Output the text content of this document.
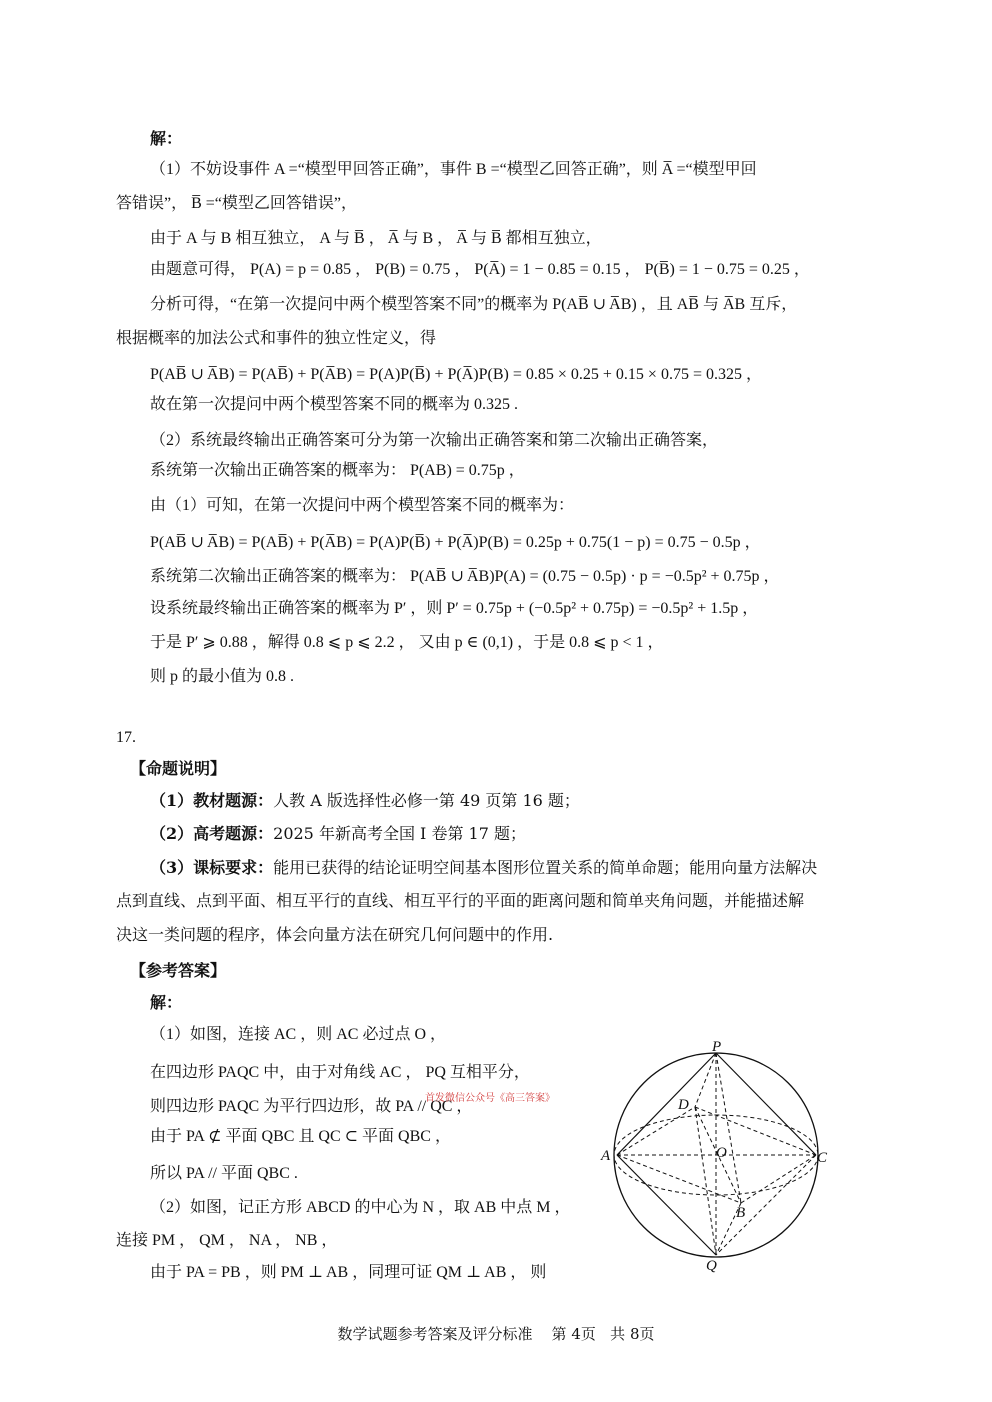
解：
（1）不妨设事件 A =“模型甲回答正确”，事件 B =“模型乙回答正确”，则 A̅ =“模型甲回
答错误”， B̅ =“模型乙回答错误”，
由于 A 与 B 相互独立， A 与 B̅ ， A̅ 与 B ， A̅ 与 B̅ 都相互独立，
由题意可得， P(A) = p = 0.85 ， P(B) = 0.75 ， P(A̅) = 1 − 0.85 = 0.15 ， P(B̅) = 1 − 0.75 = 0.25 ，
分析可得，“在第一次提问中两个模型答案不同”的概率为 P(AB̅ ∪ A̅B) ，且 AB̅ 与 A̅B 互斥，
根据概率的加法公式和事件的独立性定义，得
P(AB̅ ∪ A̅B) = P(AB̅) + P(A̅B) = P(A)P(B̅) + P(A̅)P(B) = 0.85 × 0.25 + 0.15 × 0.75 = 0.325 ，
故在第一次提问中两个模型答案不同的概率为 0.325 .
（2）系统最终输出正确答案可分为第一次输出正确答案和第二次输出正确答案，
系统第一次输出正确答案的概率为： P(AB) = 0.75p ，
由（1）可知，在第一次提问中两个模型答案不同的概率为：
P(AB̅ ∪ A̅B) = P(AB̅) + P(A̅B) = P(A)P(B̅) + P(A̅)P(B) = 0.25p + 0.75(1 − p) = 0.75 − 0.5p ，
系统第二次输出正确答案的概率为： P(AB̅ ∪ A̅B)P(A) = (0.75 − 0.5p) · p = −0.5p² + 0.75p ，
设系统最终输出正确答案的概率为 P′ ，则 P′ = 0.75p + (−0.5p² + 0.75p) = −0.5p² + 1.5p ，
于是 P′ ⩾ 0.88 ，解得 0.8 ⩽ p ⩽ 2.2 ， 又由 p ∈ (0,1) ，于是 0.8 ⩽ p < 1 ，
则 p 的最小值为 0.8 .
17.
【命题说明】
（1）教材题源：人教 A 版选择性必修一第 49 页第 16 题；
（2）高考题源：2025 年新高考全国 Ⅰ 卷第 17 题；
（3）课标要求：能用已获得的结论证明空间基本图形位置关系的简单命题；能用向量方法解决
点到直线、点到平面、相互平行的直线、相互平行的平面的距离问题和简单夹角问题，并能描述解
决这一类问题的程序，体会向量方法在研究几何问题中的作用.
【参考答案】
解：
（1）如图，连接 AC ，则 AC 必过点 O ，
在四边形 PAQC 中，由于对角线 AC ， PQ 互相平分，
则四边形 PAQC 为平行四边形，故 PA // QC ，
由于 PA ⊄ 平面 QBC 且 QC ⊂ 平面 QBC ，
所以 PA // 平面 QBC .
（2）如图，记正方形 ABCD 的中心为 N ，取 AB 中点 M ，
连接 PM ， QM ， NA ， NB ，
由于 PA = PB ，则 PM ⊥ AB ，同理可证 QM ⊥ AB ， 则
首发微信公众号《高三答案》
P
D
A	O	C
B
Q
数学试题参考答案及评分标准    第 4页   共 8页
